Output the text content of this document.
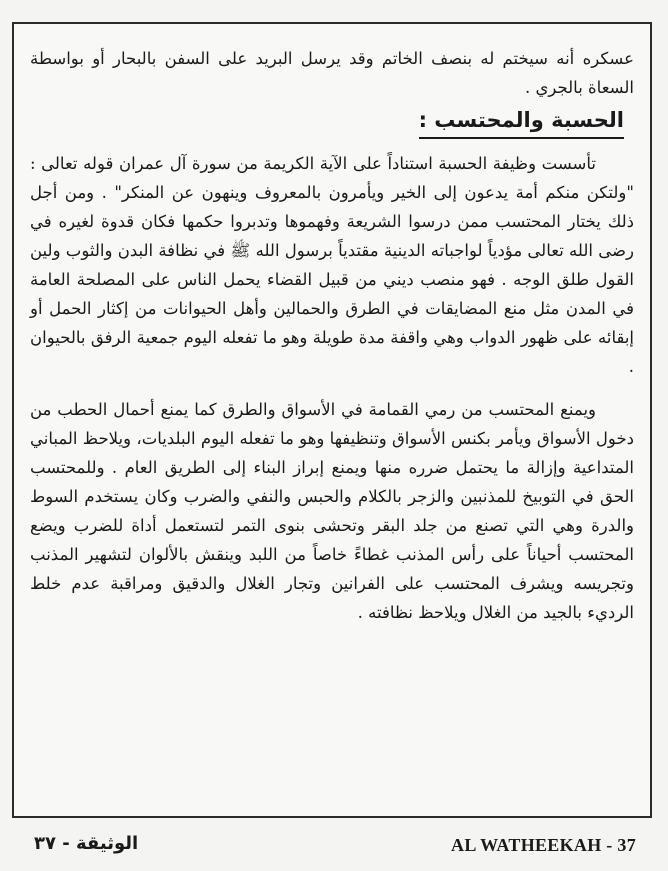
عسكره أنه سيختم له بنصف الخاتم وقد يرسل البريد على السفن بالبحار أو بواسطة السعاة بالجري .

الحسبة والمحتسب :

تأسست وظيفة الحسبة استناداً على الآية الكريمة من سورة آل عمران قوله تعالى : "ولتكن منكم أمة يدعون إلى الخير ويأمرون بالمعروف وينهون عن المنكر" . ومن أجل ذلك يختار المحتسب ممن درسوا الشريعة وفهموها وتدبروا حكمها فكان قدوة لغيره في رضى الله تعالى مؤدياً لواجباته الدينية مقتدياً برسول الله ﷺ في نظافة البدن والثوب ولين القول طلق الوجه . فهو منصب ديني من قبيل القضاء يحمل الناس على المصلحة العامة في المدن مثل منع المضايقات في الطرق والحمالين وأهل الحيوانات من إكثار الحمل أو إبقائه على ظهور الدواب وهي واقفة مدة طويلة وهو ما تفعله اليوم جمعية الرفق بالحيوان .

ويمنع المحتسب من رمي القمامة في الأسواق والطرق كما يمنع أحمال الحطب من دخول الأسواق ويأمر بكنس الأسواق وتنظيفها وهو ما تفعله اليوم البلديات، ويلاحظ المباني المتداعية وإزالة ما يحتمل ضرره منها ويمنع إبراز البناء إلى الطريق العام . وللمحتسب الحق في التوبيخ للمذنبين والزجر بالكلام والحبس والنفي والضرب وكان يستخدم السوط والدرة وهي التي تصنع من جلد البقر وتحشى بنوى التمر لتستعمل أداة للضرب ويضع المحتسب أحياناً على رأس المذنب غطاءً خاصاً من اللبد وينقش بالألوان لتشهير المذنب وتجريسه ويشرف المحتسب على الفرانين وتجار الغلال والدقيق ومراقبة عدم خلط الرديء بالجيد من الغلال ويلاحظ نظافته .

الوثيقة - ٣٧	AL WATHEEKAH - 37
